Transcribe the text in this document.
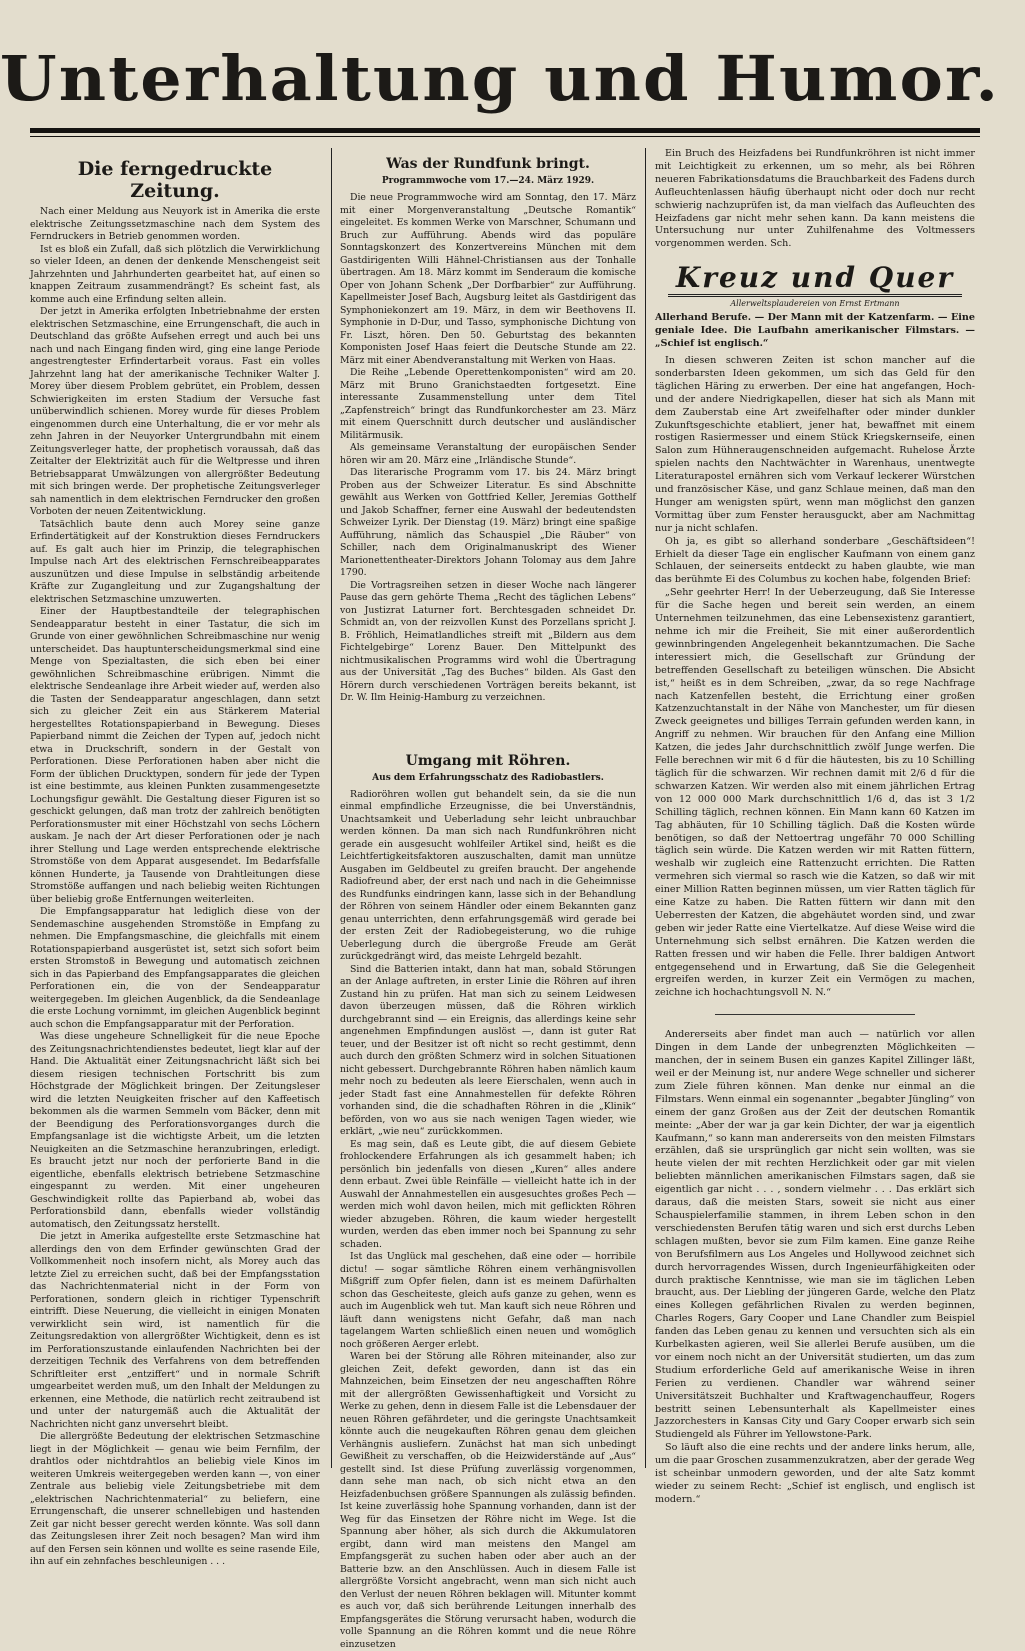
Unterhaltung und Humor.
Die ferngedruckte Zeitung.

Nach einer Meldung aus Neuyork ist in Amerika die erste elektrische Zeitungssetzmaschine nach dem System des Ferndruckers in Betrieb genommen worden.

Ist es bloß ein Zufall, daß sich plötzlich die Verwirklichung so vieler Ideen, an denen der denkende Menschengeist seit Jahrzehnten und Jahrhunderten gearbeitet hat, auf einen so knappen Zeitraum zusammendrängt? Es scheint fast, als komme auch eine Erfindung selten allein.

Der jetzt in Amerika erfolgten Inbetriebnahme der ersten elektrischen Setzmaschine, eine Errungenschaft, die auch in Deutschland das größte Aufsehen erregt und auch bei uns nach und nach Eingang finden wird, ging eine lange Periode angestrengtester Erfindertarbeit voraus. Fast ein volles Jahrzehnt lang hat der amerikanische Techniker Walter J. Morey über diesem Problem gebrütet, ein Problem, dessen Schwierigkeiten im ersten Stadium der Versuche fast unüberwindlich schienen. Morey wurde für dieses Problem eingenommen durch eine Unterhaltung, die er vor mehr als zehn Jahren in der Neuyorker Untergrundbahn mit einem Zeitungsverleger hatte, der prophetisch voraussah, daß das Zeitalter der Elektrizität auch für die Weltpresse und ihren Betriebsapparat Umwälzungen von allergrößter Bedeutung mit sich bringen werde. Der prophetische Zeitungsverleger sah namentlich in dem elektrischen Ferndrucker den großen Vorboten der neuen Zeitentwicklung.

Tatsächlich baute denn auch Morey seine ganze Erfindertätigkeit auf der Konstruktion dieses Ferndruckers auf. Es galt auch hier im Prinzip, die telegraphischen Impulse nach Art des elektrischen Fernschreibeapparates auszunützen und diese Impulse in selbständig arbeitende Kräfte zur Zugangleitung und zur Zugangshaltung der elektrischen Setzmaschine umzuwerten.

Einer der Hauptbestandteile der telegraphischen Sendeapparatur besteht in einer Tastatur, die sich im Grunde von einer gewöhnlichen Schreibmaschine nur wenig unterscheidet. Das hauptunterscheidungsmerkmal sind eine Menge von Spezialtasten, die sich eben bei einer gewöhnlichen Schreibmaschine erübrigen. Nimmt die elektrische Sendeanlage ihre Arbeit wieder auf, werden also die Tasten der Sendeapparatur angeschlagen, dann setzt sich zu gleicher Zeit ein aus Stärkerem Material hergestelltes Rotationspapierband in Bewegung. Dieses Papierband nimmt die Zeichen der Typen auf, jedoch nicht etwa in Druckschrift, sondern in der Gestalt von Perforationen. Diese Perforationen haben aber nicht die Form der üblichen Drucktypen, sondern für jede der Typen ist eine bestimmte, aus kleinen Punkten zusammengesetzte Lochungsfigur gewählt. Die Gestaltung dieser Figuren ist so geschickt gelungen, daß man trotz der zahlreich benötigten Perforationsmuster mit einer Höchstzahl von sechs Löchern auskam. Je nach der Art dieser Perforationen oder je nach ihrer Stellung und Lage werden entsprechende elektrische Stromstöße von dem Apparat ausgesendet. Im Bedarfsfalle können Hunderte, ja Tausende von Drahtleitungen diese Stromstöße auffangen und nach beliebig weiten Richtungen über beliebig große Entfernungen weiterleiten.

Die Empfangsapparatur hat lediglich diese von der Sendemaschine ausgehenden Stromstöße in Empfang zu nehmen. Die Empfangsmaschine, die gleichfalls mit einem Rotationspapierband ausgerüstet ist, setzt sich sofort beim ersten Stromstoß in Bewegung und automatisch zeichnen sich in das Papierband des Empfangsapparates die gleichen Perforationen ein, die von der Sendeapparatur weitergegeben. Im gleichen Augenblick, da die Sendeanlage die erste Lochung vornimmt, im gleichen Augenblick beginnt auch schon die Empfangsapparatur mit der Perforation.

Was diese ungeheure Schnelligkeit für die neue Epoche des Zeitungsnachrichtendienstes bedeutet, liegt klar auf der Hand. Die Aktualität einer Zeitungsnachricht läßt sich bei diesem riesigen technischen Fortschritt bis zum Höchstgrade der Möglichkeit bringen. Der Zeitungsleser wird die letzten Neuigkeiten frischer auf den Kaffeetisch bekommen als die warmen Semmeln vom Bäcker, denn mit der Beendigung des Perforationsvorganges durch die Empfangsanlage ist die wichtigste Arbeit, um die letzten Neuigkeiten an die Setzmaschine heranzubringen, erledigt. Es braucht jetzt nur noch der perforierte Band in die eigentliche, ebenfalls elektrisch betriebene Setzmaschine eingespannt zu werden. Mit einer ungeheuren Geschwindigkeit rollte das Papierband ab, wobei das Perforationsbild dann, ebenfalls wieder vollständig automatisch, den Zeitungssatz herstellt.

Die jetzt in Amerika aufgestellte erste Setzmaschine hat allerdings den von dem Erfinder gewünschten Grad der Vollkommenheit noch insofern nicht, als Morey auch das letzte Ziel zu erreichen sucht, daß bei der Empfangsstation das Nachrichtenmaterial nicht in der Form von Perforationen, sondern gleich in richtiger Typenschrift eintrifft. Diese Neuerung, die vielleicht in einigen Monaten verwirklicht sein wird, ist namentlich für die Zeitungsredaktion von allergrößter Wichtigkeit, denn es ist im Perforationszustande einlaufenden Nachrichten bei der derzeitigen Technik des Verfahrens von dem betreffenden Schriftleiter erst „entziffert“ und in normale Schrift umgearbeitet werden muß, um den Inhalt der Meldungen zu erkennen, eine Methode, die natürlich recht zeitraubend ist und unter der naturgemäß auch die Aktualität der Nachrichten nicht ganz unversehrt bleibt.

Die allergrößte Bedeutung der elektrischen Setzmaschine liegt in der Möglichkeit — genau wie beim Fernfilm, der drahtlos oder nichtdrahtlos an beliebig viele Kinos im weiteren Umkreis weitergegeben werden kann —, von einer Zentrale aus beliebig viele Zeitungsbetriebe mit dem „elektrischen Nachrichtenmaterial“ zu beliefern, eine Errungenschaft, die unserer schnellebigen und hastenden Zeit gar nicht besser gerecht werden könnte. Was soll dann das Zeitungslesen ihrer Zeit noch besagen? Man wird ihm auf den Fersen sein können und wollte es seine rasende Eile, ihn auf ein zehnfaches beschleunigen . . .

Was der Rundfunk bringt.
Programmwoche vom 17.—24. März 1929.

Die neue Programmwoche wird am Sonntag, den 17. März mit einer Morgenveranstaltung „Deutsche Romantik“ eingeleitet. Es kommen Werke von Marschner, Schumann und Bruch zur Aufführung. Abends wird das populäre Sonntagskonzert des Konzertvereins München mit dem Gastdirigenten Willi Hähnel-Christiansen aus der Tonhalle übertragen. Am 18. März kommt im Senderaum die komische Oper von Johann Schenk „Der Dorfbarbier“ zur Aufführung. Kapellmeister Josef Bach, Augsburg leitet als Gastdirigent das Symphoniekonzert am 19. März, in dem wir Beethovens II. Symphonie in D-Dur, und Tasso, symphonische Dichtung von Fr. Liszt, hören. Den 50. Geburtstag des bekannten Komponisten Josef Haas feiert die Deutsche Stunde am 22. März mit einer Abendveranstaltung mit Werken von Haas.

Die Reihe „Lebende Operettenkomponisten“ wird am 20. März mit Bruno Granichstaedten fortgesetzt. Eine interessante Zusammenstellung unter dem Titel „Zapfenstreich“ bringt das Rundfunkorchester am 23. März mit einem Querschnitt durch deutscher und ausländischer Militärmusik.

Als gemeinsame Veranstaltung der europäischen Sender hören wir am 20. März eine „Irländische Stunde“.

Das literarische Programm vom 17. bis 24. März bringt Proben aus der Schweizer Literatur. Es sind Abschnitte gewählt aus Werken von Gottfried Keller, Jeremias Gotthelf und Jakob Schaffner, ferner eine Auswahl der bedeutendsten Schweizer Lyrik. Der Dienstag (19. März) bringt eine spaßige Aufführung, nämlich das Schauspiel „Die Räuber“ von Schiller, nach dem Originalmanuskript des Wiener Marionettentheater-Direktors Johann Tolomay aus dem Jahre 1790.

Die Vortragsreihen setzen in dieser Woche nach längerer Pause das gern gehörte Thema „Recht des täglichen Lebens“ von Justizrat Laturner fort. Berchtesgaden schneidet Dr. Schmidt an, von der reizvollen Kunst des Porzellans spricht J. B. Fröhlich, Heimatlandliches streift mit „Bildern aus dem Fichtelgebirge“ Lorenz Bauer. Den Mittelpunkt des nichtmusikalischen Programms wird wohl die Übertragung aus der Universität „Tag des Buches“ bilden. Als Gast den Hörern durch verschiedenen Vorträgen bereits bekannt, ist Dr. W. Ilm Heinig-Hamburg zu verzeichnen.

Umgang mit Röhren.
Aus dem Erfahrungsschatz des Radiobastlers.

Radioröhren wollen gut behandelt sein, da sie die nun einmal empfindliche Erzeugnisse, die bei Unverständnis, Unachtsamkeit und Ueberladung sehr leicht unbrauchbar werden können. Da man sich nach Rundfunkröhren nicht gerade ein ausgesucht wohlfeiler Artikel sind, heißt es die Leichtfertigkeitsfaktoren auszuschalten, damit man unnütze Ausgaben im Geldbeutel zu greifen braucht. Der angehende Radiofreund aber, der erst nach und nach in die Geheimnisse des Rundfunks eindringen kann, lasse sich in der Behandlung der Röhren von seinem Händler oder einem Bekannten ganz genau unterrichten, denn erfahrungsgemäß wird gerade bei der ersten Zeit der Radiobegeisterung, wo die ruhige Ueberlegung durch die übergroße Freude am Gerät zurückgedrängt wird, das meiste Lehrgeld bezahlt.

Sind die Batterien intakt, dann hat man, sobald Störungen an der Anlage auftreten, in erster Linie die Röhren auf ihren Zustand hin zu prüfen. Hat man sich zu seinem Leidwesen davon überzeugen müssen, daß die Röhren wirklich durchgebrannt sind — ein Ereignis, das allerdings keine sehr angenehmen Empfindungen auslöst —, dann ist guter Rat teuer, und der Besitzer ist oft nicht so recht gestimmt, denn auch durch den größten Schmerz wird in solchen Situationen nicht gebessert. Durchgebrannte Röhren haben nämlich kaum mehr noch zu bedeuten als leere Eierschalen, wenn auch in jeder Stadt fast eine Annahmestellen für defekte Röhren vorhanden sind, die die schadhaften Röhren in die „Klinik“ beförden, von wo aus sie nach wenigen Tagen wieder, wie erklärt, „wie neu“ zurückkommen.

Es mag sein, daß es Leute gibt, die auf diesem Gebiete frohlockendere Erfahrungen als ich gesammelt haben; ich persönlich bin jedenfalls von diesen „Kuren“ alles andere denn erbaut. Zwei üble Reinfälle — vielleicht hatte ich in der Auswahl der Annahmestellen ein ausgesuchtes großes Pech — werden mich wohl davon heilen, mich mit geflickten Röhren wieder abzugeben. Röhren, die kaum wieder hergestellt wurden, werden das eben immer noch bei Spannung zu sehr schaden.

Ist das Unglück mal geschehen, daß eine oder — horribile dictu! — sogar sämtliche Röhren einem verhängnisvollen Mißgriff zum Opfer fielen, dann ist es meinem Dafürhalten schon das Gescheiteste, gleich aufs ganze zu gehen, wenn es auch im Augenblick weh tut. Man kauft sich neue Röhren und läuft dann wenigstens nicht Gefahr, daß man nach tagelangem Warten schließlich einen neuen und womöglich noch größeren Aerger erlebt.

Waren bei der Störung alle Röhren miteinander, also zur gleichen Zeit, defekt geworden, dann ist das ein Mahnzeichen, beim Einsetzen der neu angeschafften Röhre mit der allergrößten Gewissenhaftigkeit und Vorsicht zu Werke zu gehen, denn in diesem Falle ist die Lebensdauer der neuen Röhren gefährdeter, und die geringste Unachtsamkeit könnte auch die neugekauften Röhren genau dem gleichen Verhängnis ausliefern. Zunächst hat man sich unbedingt Gewißheit zu verschaffen, ob die Heizwiderstände auf „Aus“ gestellt sind. Ist diese Prüfung zuverlässig vorgenommen, dann sehe man nach, ob sich nicht etwa an den Heizfadenbuchsen größere Spannungen als zulässig befinden. Ist keine zuverlässig hohe Spannung vorhanden, dann ist der Weg für das Einsetzen der Röhre nicht im Wege. Ist die Spannung aber höher, als sich durch die Akkumulatoren ergibt, dann wird man meistens den Mangel am Empfangsgerät zu suchen haben oder aber auch an der Batterie bzw. an den Anschlüssen. Auch in diesem Falle ist allergrößte Vorsicht angebracht, wenn man sich nicht auch den Verlust der neuen Röhren beklagen will. Mitunter kommt es auch vor, daß sich berührende Leitungen innerhalb des Empfangsgerätes die Störung verursacht haben, wodurch die volle Spannung an die Röhren kommt und die neue Röhre einzusetzen

Ein Bruch des Heizfadens bei Rundfunkröhren ist nicht immer mit Leichtigkeit zu erkennen, um so mehr, als bei Röhren neueren Fabrikationsdatums die Brauchbarkeit des Fadens durch Aufleuchtenlassen häufig überhaupt nicht oder doch nur recht schwierig nachzuprüfen ist, da man vielfach das Aufleuchten des Heizfadens gar nicht mehr sehen kann. Da kann meistens die Untersuchung nur unter Zuhilfenahme des Voltmessers vorgenommen werden. Sch.

Kreuz und Quer
Allerweltsplaudereien von Ernst Ertmann

Allerhand Berufe. — Der Mann mit der Katzenfarm. — Eine geniale Idee. Die Laufbahn amerikanischer Filmstars. — „Schief ist englisch.“

In diesen schweren Zeiten ist schon mancher auf die sonderbarsten Ideen gekommen, um sich das Geld für den täglichen Häring zu erwerben. Der eine hat angefangen, Hoch- und der andere Niedrigkapellen, dieser hat sich als Mann mit dem Zauberstab eine Art zweifelhafter oder minder dunkler Zukunftsgeschichte etabliert, jener hat, bewaffnet mit einem rostigen Rasiermesser und einem Stück Kriegskernseife, einen Salon zum Hühneraugenschneiden aufgemacht. Ruhelose Ärzte spielen nachts den Nachtwächter in Warenhaus, unentwegte Literaturapostel ernähren sich vom Verkauf leckerer Würstchen und französischer Käse, und ganz Schlaue meinen, daß man den Hunger am wenigsten spürt, wenn man möglichst den ganzen Vormittag über zum Fenster herausguckt, aber am Nachmittag nur ja nicht schlafen.

Oh ja, es gibt so allerhand sonderbare „Geschäftsideen“! Erhielt da dieser Tage ein englischer Kaufmann von einem ganz Schlauen, der seinerseits entdeckt zu haben glaubte, wie man das berühmte Ei des Columbus zu kochen habe, folgenden Brief:

„Sehr geehrter Herr! In der Ueberzeugung, daß Sie Interesse für die Sache hegen und bereit sein werden, an einem Unternehmen teilzunehmen, das eine Lebensexistenz garantiert, nehme ich mir die Freiheit, Sie mit einer außerordentlich gewinnbringenden Angelegenheit bekanntzumachen. Die Sache interessiert mich, die Gesellschaft zur Gründung der betreffenden Gesellschaft zu beteiligen wünschen. Die Absicht ist,“ heißt es in dem Schreiben, „zwar, da so rege Nachfrage nach Katzenfellen besteht, die Errichtung einer großen Katzenzuchtanstalt in der Nähe von Manchester, um für diesen Zweck geeignetes und billiges Terrain gefunden werden kann, in Angriff zu nehmen. Wir brauchen für den Anfang eine Million Katzen, die jedes Jahr durchschnittlich zwölf Junge werfen. Die Felle berechnen wir mit 6 d für die häutesten, bis zu 10 Schilling täglich für die schwarzen. Wir rechnen damit mit 2/6 d für die schwarzen Katzen. Wir werden also mit einem jährlichen Ertrag von 12 000 000 Mark durchschnittlich 1/6 d, das ist 3 1/2 Schilling täglich, rechnen können. Ein Mann kann 60 Katzen im Tag abhäuten, für 10 Schilling täglich. Daß die Kosten würde benötigen, so daß der Nettoertrag ungefähr 70 000 Schilling täglich sein würde. Die Katzen werden wir mit Ratten füttern, weshalb wir zugleich eine Rattenzucht errichten. Die Ratten vermehren sich viermal so rasch wie die Katzen, so daß wir mit einer Million Ratten beginnen müssen, um vier Ratten täglich für eine Katze zu haben. Die Ratten füttern wir dann mit den Ueberresten der Katzen, die abgehäutet worden sind, und zwar geben wir jeder Ratte eine Viertelkatze. Auf diese Weise wird die Unternehmung sich selbst ernähren. Die Katzen werden die Ratten fressen und wir haben die Felle. Ihrer baldigen Antwort entgegensehend und in Erwartung, daß Sie die Gelegenheit ergreifen werden, in kurzer Zeit ein Vermögen zu machen, zeichne ich hochachtungsvoll N. N.“

Andererseits aber findet man auch — natürlich vor allen Dingen in dem Lande der unbegrenzten Möglichkeiten — manchen, der in seinem Busen ein ganzes Kapitel Zillinger läßt, weil er der Meinung ist, nur andere Wege schneller und sicherer zum Ziele führen können. Man denke nur einmal an die Filmstars. Wenn einmal ein sogenannter „begabter Jüngling“ von einem der ganz Großen aus der Zeit der deutschen Romantik meinte: „Aber der war ja gar kein Dichter, der war ja eigentlich Kaufmann,“ so kann man andererseits von den meisten Filmstars erzählen, daß sie ursprünglich gar nicht sein wollten, was sie heute vielen der mit rechten Herzlichkeit oder gar mit vielen beliebten männlichen amerikanischen Filmstars sagen, daß sie eigentlich gar nicht . . . , sondern vielmehr . . . Das erklärt sich daraus, daß die meisten Stars, soweit sie nicht aus einer Schauspielerfamilie stammen, in ihrem Leben schon in den verschiedensten Berufen tätig waren und sich erst durchs Leben schlagen mußten, bevor sie zum Film kamen. Eine ganze Reihe von Berufsfilmern aus Los Angeles und Hollywood zeichnet sich durch hervorragendes Wissen, durch Ingenieurfähigkeiten oder durch praktische Kenntnisse, wie man sie im täglichen Leben braucht, aus. Der Liebling der jüngeren Garde, welche den Platz eines Kollegen gefährlichen Rivalen zu werden beginnen, Charles Rogers, Gary Cooper und Lane Chandler zum Beispiel fanden das Leben genau zu kennen und versuchten sich als ein Kurbelkasten agieren, weil Sie allerlei Berufe ausüben, um die vor einem noch nicht an der Universität studierten, um das zum Studium erforderliche Geld auf amerikanische Weise in ihren Ferien zu verdienen. Chandler war während seiner Universitätszeit Buchhalter und Kraftwagenchauffeur, Rogers bestritt seinen Lebensunterhalt als Kapellmeister eines Jazzorchesters in Kansas City und Gary Cooper erwarb sich sein Studiengeld als Führer im Yellowstone-Park.

So läuft also die eine rechts und der andere links herum, alle, um die paar Groschen zusammenzukratzen, aber der gerade Weg ist scheinbar unmodern geworden, und der alte Satz kommt wieder zu seinem Recht: „Schief ist englisch, und englisch ist modern.“
